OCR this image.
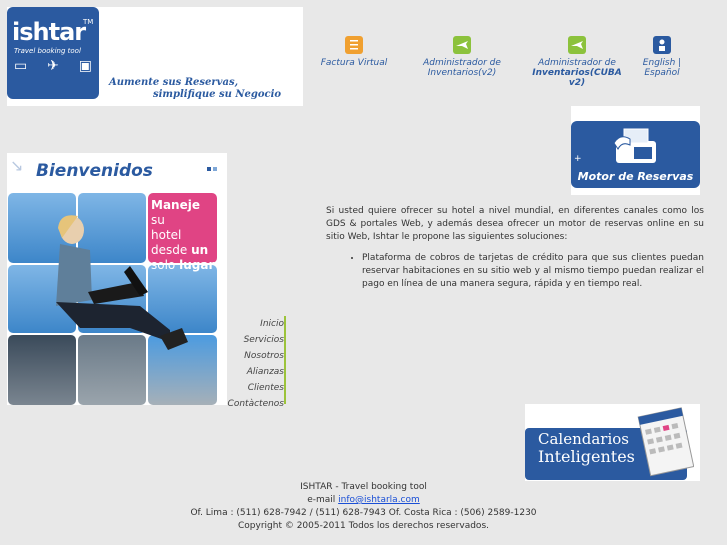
ishtar
TM
Travel booking tool
▭ ✈ ▣
Aumente sus Reservas,
simplifique su Negocio
Factura Virtual	Administrador de
Inventarios(v2)
Administrador de
Inventarios(CUBA v2)
English |
Español
+
Motor de Reservas
↘ Bienvenidos
Maneje su
hotel
desde un
solo lugar
Inicio
Servicios
Nosotros
Alianzas
Clientes
Contàctenos
Si usted quiere ofrecer su hotel a nivel mundial, en diferentes canales como los GDS & portales Web, y además desea ofrecer un motor de reservas online en su sitio Web, Ishtar le propone las siguientes soluciones:
• Plataforma de cobros de tarjetas de crédito para que sus clientes puedan reservar habitaciones en su sitio web y al mismo tiempo puedan realizar el pago en línea de una manera segura, rápida y en tiempo real.
Calendarios
Inteligentes
ISHTAR - Travel booking tool
e-mail info@ishtarla.com
Of. Lima : (511) 628-7942 / (511) 628-7943 Of. Costa Rica : (506) 2589-1230
Copyright © 2005-2011 Todos los derechos reservados.
